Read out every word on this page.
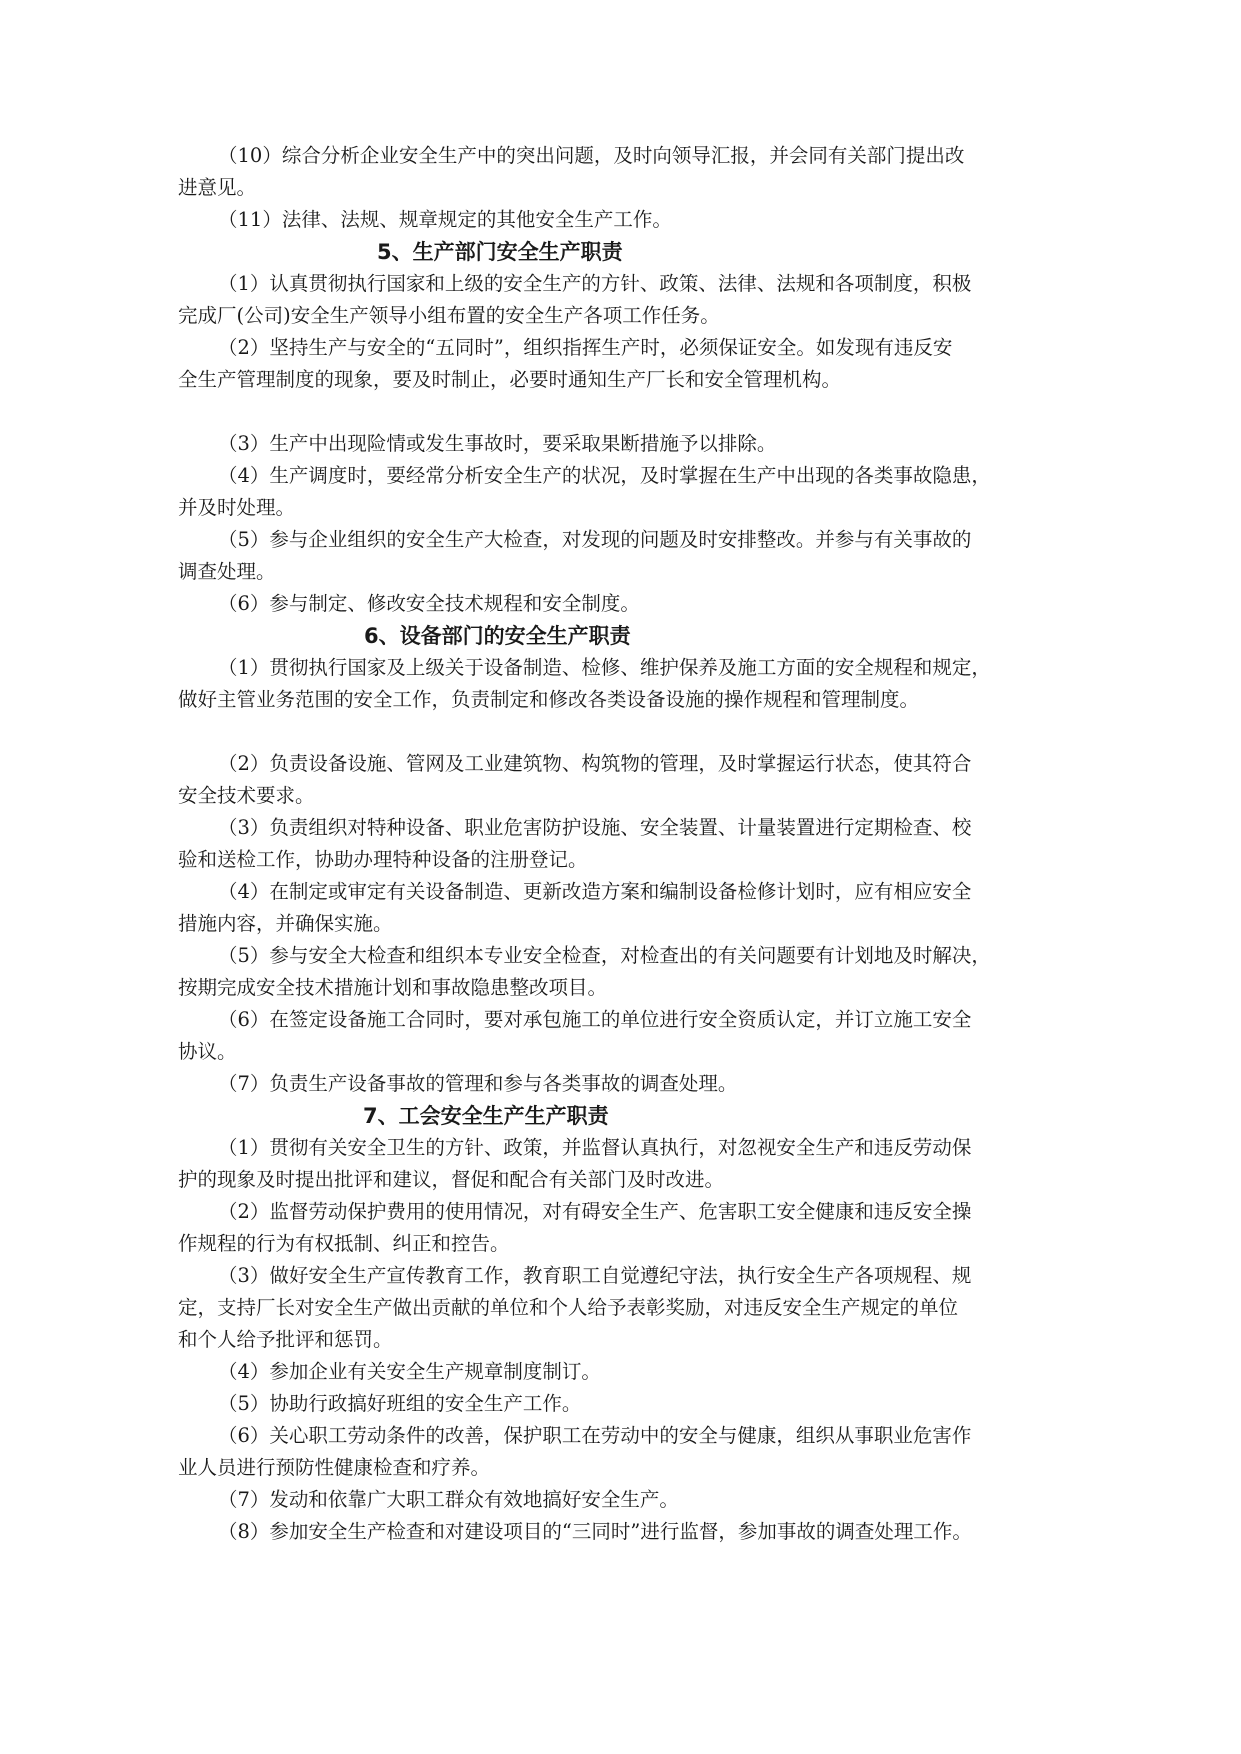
（10）综合分析企业安全生产中的突出问题，及时向领导汇报，并会同有关部门提出改
进意见。
（11）法律、法规、规章规定的其他安全生产工作。
5、生产部门安全生产职责
（1）认真贯彻执行国家和上级的安全生产的方针、政策、法律、法规和各项制度，积极
完成厂(公司)安全生产领导小组布置的安全生产各项工作任务。
（2）坚持生产与安全的“五同时”，组织指挥生产时，必须保证安全。如发现有违反安
全生产管理制度的现象，要及时制止，必要时通知生产厂长和安全管理机构。
（3）生产中出现险情或发生事故时，要采取果断措施予以排除。
（4）生产调度时，要经常分析安全生产的状况，及时掌握在生产中出现的各类事故隐患，
并及时处理。
（5）参与企业组织的安全生产大检查，对发现的问题及时安排整改。并参与有关事故的
调查处理。
（6）参与制定、修改安全技术规程和安全制度。
6、设备部门的安全生产职责
（1）贯彻执行国家及上级关于设备制造、检修、维护保养及施工方面的安全规程和规定，
做好主管业务范围的安全工作，负责制定和修改各类设备设施的操作规程和管理制度。
（2）负责设备设施、管网及工业建筑物、构筑物的管理，及时掌握运行状态，使其符合
安全技术要求。
（3）负责组织对特种设备、职业危害防护设施、安全装置、计量装置进行定期检查、校
验和送检工作，协助办理特种设备的注册登记。
（4）在制定或审定有关设备制造、更新改造方案和编制设备检修计划时，应有相应安全
措施内容，并确保实施。
（5）参与安全大检查和组织本专业安全检查，对检查出的有关问题要有计划地及时解决，
按期完成安全技术措施计划和事故隐患整改项目。
（6）在签定设备施工合同时，要对承包施工的单位进行安全资质认定，并订立施工安全
协议。
（7）负责生产设备事故的管理和参与各类事故的调查处理。
7、工会安全生产生产职责
（1）贯彻有关安全卫生的方针、政策，并监督认真执行，对忽视安全生产和违反劳动保
护的现象及时提出批评和建议，督促和配合有关部门及时改进。
（2）监督劳动保护费用的使用情况，对有碍安全生产、危害职工安全健康和违反安全操
作规程的行为有权抵制、纠正和控告。
（3）做好安全生产宣传教育工作，教育职工自觉遵纪守法，执行安全生产各项规程、规
定，支持厂长对安全生产做出贡献的单位和个人给予表彰奖励，对违反安全生产规定的单位
和个人给予批评和惩罚。
（4）参加企业有关安全生产规章制度制订。
（5）协助行政搞好班组的安全生产工作。
（6）关心职工劳动条件的改善，保护职工在劳动中的安全与健康，组织从事职业危害作
业人员进行预防性健康检查和疗养。
（7）发动和依靠广大职工群众有效地搞好安全生产。
（8）参加安全生产检查和对建设项目的“三同时”进行监督，参加事故的调查处理工作。
